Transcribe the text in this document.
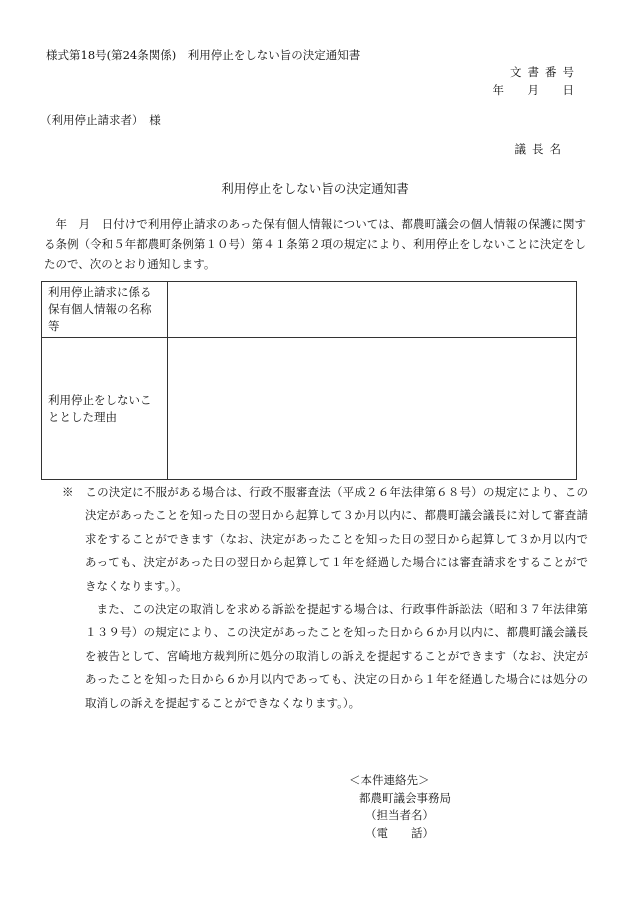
様式第18号(第24条関係)　利用停止をしない旨の決定通知書
文書番号
年　月　日
（利用停止請求者）　様
議長名
利用停止をしない旨の決定通知書
年　月　日付けで利用停止請求のあった保有個人情報については、都農町議会の個人情報の保護に関する条例（令和５年都農町条例第１０号）第４１条第２項の規定により、利用停止をしないことに決定をしたので、次のとおり通知します。
利用停止請求に係る保有個人情報の名称等	
利用停止をしないこととした理由	

※　この決定に不服がある場合は、行政不服審査法（平成２６年法律第６８号）の規定により、この決定があったことを知った日の翌日から起算して３か月以内に、都農町議会議長に対して審査請求をすることができます（なお、決定があったことを知った日の翌日から起算して３か月以内であっても、決定があった日の翌日から起算して１年を経過した場合には審査請求をすることができなくなります。）。

また、この決定の取消しを求める訴訟を提起する場合は、行政事件訴訟法（昭和３７年法律第１３９号）の規定により、この決定があったことを知った日から６か月以内に、都農町議会議長を被告として、宮崎地方裁判所に処分の取消しの訴えを提起することができます（なお、決定があったことを知った日から６か月以内であっても、決定の日から１年を経過した場合には処分の取消しの訴えを提起することができなくなります。）。

＜本件連絡先＞
都農町議会事務局
（担当者名）
（電　　話）
